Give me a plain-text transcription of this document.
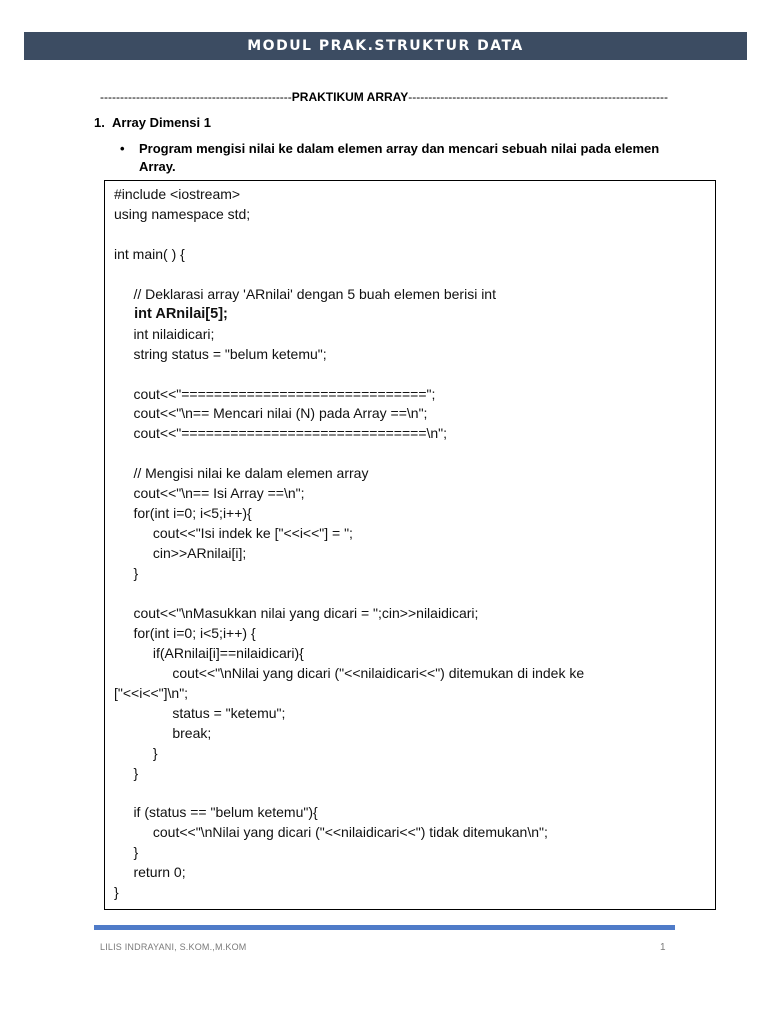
MODUL PRAK.STRUKTUR DATA
------------------------------------------------PRAKTIKUM ARRAY-----------------------------------------------------------------
1. Array Dimensi 1
•	Program mengisi nilai ke dalam elemen array dan mencari sebuah nilai pada elemen Array.
#include <iostream>
using namespace std;
int main( ) {
// Deklarasi array 'ARnilai' dengan 5 buah elemen berisi int
int ARnilai[5];
int nilaidicari;
string status = "belum ketemu";
cout<<"==============================";
cout<<"\n== Mencari nilai (N) pada Array ==\n";
cout<<"==============================\n";
// Mengisi nilai ke dalam elemen array
cout<<"\n== Isi Array ==\n";
for(int i=0; i<5;i++){
cout<<"Isi indek ke ["<<i<<"] = ";
cin>>ARnilai[i];
}
cout<<"\nMasukkan nilai yang dicari = ";cin>>nilaidicari;
for(int i=0; i<5;i++) {
if(ARnilai[i]==nilaidicari){
cout<<"\nNilai yang dicari ("<<nilaidicari<<") ditemukan di indek ke
["<<i<<"]\n";
status = "ketemu";
break;
}
}
if (status == "belum ketemu"){
cout<<"\nNilai yang dicari ("<<nilaidicari<<") tidak ditemukan\n";
}
return 0;
}
LILIS INDRAYANI, S.KOM.,M.KOM	1
